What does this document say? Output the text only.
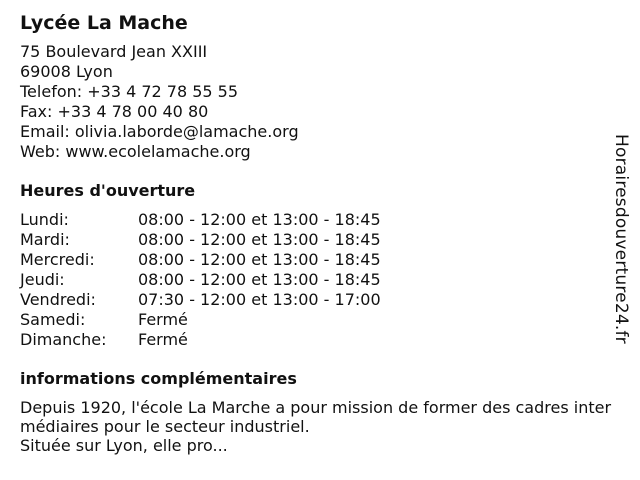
Lycée La Mache
75 Boulevard Jean XXIII
69008 Lyon
Telefon: +33 4 72 78 55 55
Fax: +33 4 78 00 40 80
Email: olivia.laborde@lamache.org
Web: www.ecolelamache.org
Heures d'ouverture
Lundi:	08:00 - 12:00 et 13:00 - 18:45
Mardi:	08:00 - 12:00 et 13:00 - 18:45
Mercredi:	08:00 - 12:00 et 13:00 - 18:45
Jeudi:	08:00 - 12:00 et 13:00 - 18:45
Vendredi:	07:30 - 12:00 et 13:00 - 17:00
Samedi:	Fermé
Dimanche:	Fermé
informations complémentaires
Depuis 1920, l'école La Marche a pour mission de former des cadres intermédiaires pour le secteur industriel.
Située sur Lyon, elle pro...
Horairesdouverture24.fr
